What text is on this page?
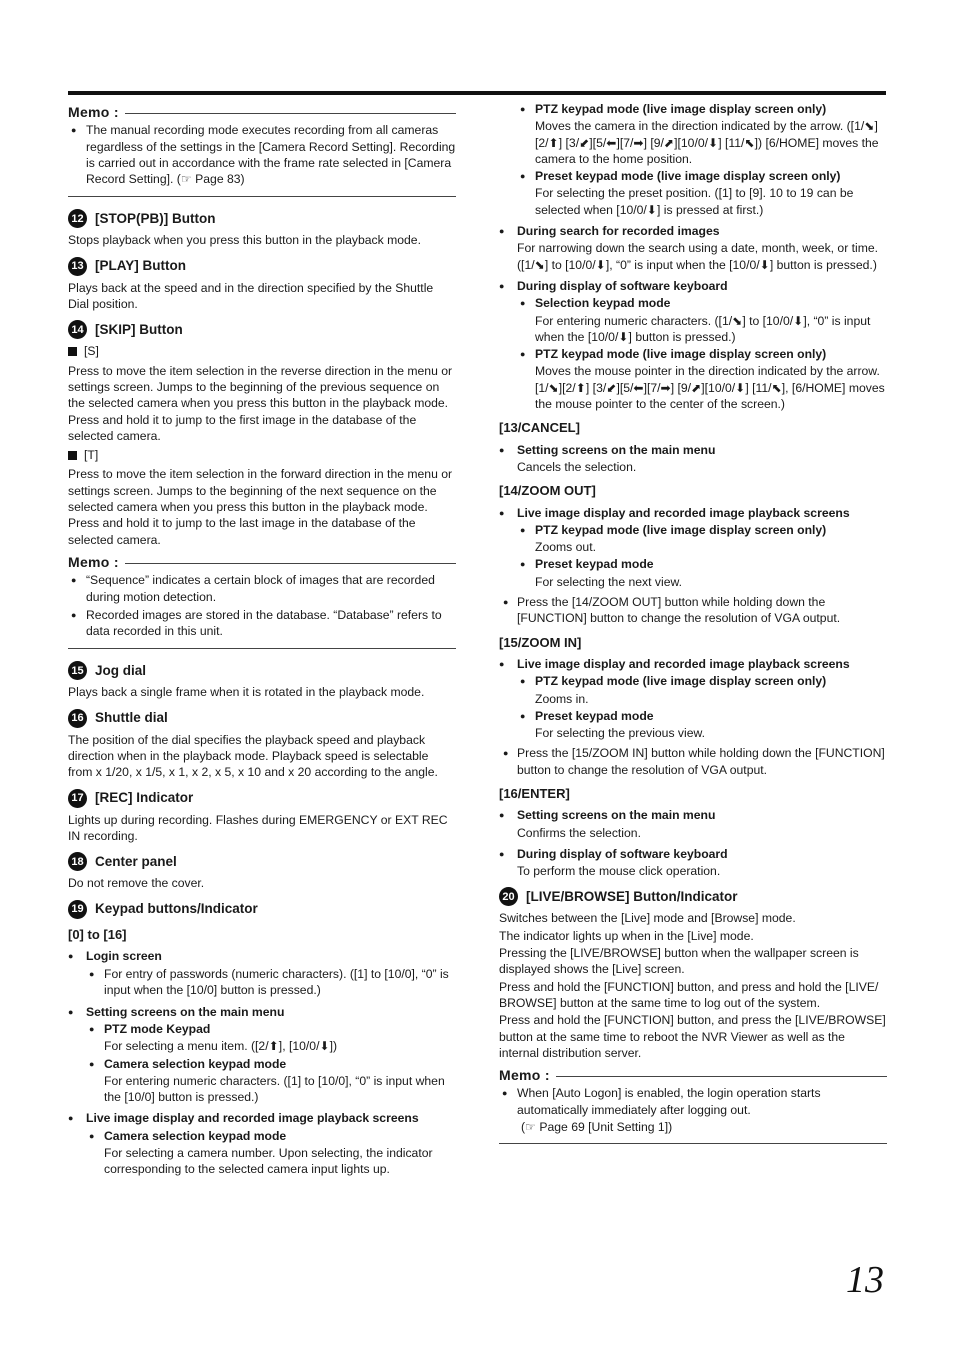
Memo :
● The manual recording mode executes recording from all cameras regardless of the settings in the [Camera Record Setting]. Recording is carried out in accordance with the frame rate selected in [Camera Record Setting]. (☞ Page 83)
12 [STOP(PB)] Button
Stops playback when you press this button in the playback mode.
13 [PLAY] Button
Plays back at the speed and in the direction specified by the Shuttle Dial position.
14 [SKIP] Button
[S]
Press to move the item selection in the reverse direction in the menu or settings screen. Jumps to the beginning of the previous sequence on the selected camera when you press this button in the playback mode. Press and hold it to jump to the first image in the database of the selected camera.
[T]
Press to move the item selection in the forward direction in the menu or settings screen. Jumps to the beginning of the next sequence on the selected camera when you press this button in the playback mode. Press and hold it to jump to the last image in the database of the selected camera.
Memo :
● “Sequence” indicates a certain block of images that are recorded during motion detection.
● Recorded images are stored in the database. “Database” refers to data recorded in this unit.
15 Jog dial
Plays back a single frame when it is rotated in the playback mode.
16 Shuttle dial
The position of the dial specifies the playback speed and playback direction when in the playback mode. Playback speed is selectable from x 1/20, x 1/5, x 1, x 2, x 5, x 10 and x 20 according to the angle.
17 [REC] Indicator
Lights up during recording. Flashes during EMERGENCY or EXT REC IN recording.
18 Center panel
Do not remove the cover.
19 Keypad buttons/Indicator
[0] to [16]
● Login screen
● For entry of passwords (numeric characters). ([1] to [10/0], “0” is input when the [10/0] button is pressed.)
● Setting screens on the main menu
● PTZ mode Keypad
For selecting a menu item. ([2/⬆], [10/0/⬇])
● Camera selection keypad mode
For entering numeric characters. ([1] to [10/0], “0” is input when the [10/0] button is pressed.)
● Live image display and recorded image playback screens
● Camera selection keypad mode
For selecting a camera number. Upon selecting, the indicator corresponding to the selected camera input lights up.
● PTZ keypad mode (live image display screen only)
Moves the camera in the direction indicated by the arrow. ([1/⬊][2/⬆] [3/⬋][5/⬅][7/➡] [9/⬈][10/0/⬇] [11/⬉]) [6/HOME] moves the camera to the home position.
● Preset keypad mode (live image display screen only)
For selecting the preset position. ([1] to [9]. 10 to 19 can be selected when [10/0/⬇] is pressed at first.)
● During search for recorded images
For narrowing down the search using a date, month, week, or time. ([1/⬊] to [10/0/⬇], “0” is input when the [10/0/⬇] button is pressed.)
● During display of software keyboard
● Selection keypad mode
For entering numeric characters. ([1/⬊] to [10/0/⬇], “0” is input when the [10/0/⬇] button is pressed.)
● PTZ keypad mode (live image display screen only)
Moves the mouse pointer in the direction indicated by the arrow. [1/⬊][2/⬆] [3/⬋][5/⬅][7/➡] [9/⬈][10/0/⬇] [11/⬉], [6/HOME] moves the mouse pointer to the center of the screen.)
[13/CANCEL]
● Setting screens on the main menu
Cancels the selection.
[14/ZOOM OUT]
● Live image display and recorded image playback screens
● PTZ keypad mode (live image display screen only)
Zooms out.
● Preset keypad mode
For selecting the next view.
● Press the [14/ZOOM OUT] button while holding down the [FUNCTION] button to change the resolution of VGA output.
[15/ZOOM IN]
● Live image display and recorded image playback screens
● PTZ keypad mode (live image display screen only)
Zooms in.
● Preset keypad mode
For selecting the previous view.
● Press the [15/ZOOM IN] button while holding down the [FUNCTION] button to change the resolution of VGA output.
[16/ENTER]
● Setting screens on the main menu
Confirms the selection.
● During display of software keyboard
To perform the mouse click operation.
20 [LIVE/BROWSE] Button/Indicator
Switches between the [Live] mode and [Browse] mode.
The indicator lights up when in the [Live] mode.
Pressing the [LIVE/BROWSE] button when the wallpaper screen is displayed shows the [Live] screen.
Press and hold the [FUNCTION] button, and press and hold the [LIVE/ BROWSE] button at the same time to log out of the system.
Press and hold the [FUNCTION] button, and press the [LIVE/BROWSE] button at the same time to reboot the NVR Viewer as well as the internal distribution server.
Memo :
● When [Auto Logon] is enabled, the login operation starts automatically immediately after logging out.
(☞ Page 69 [Unit Setting 1])
13
